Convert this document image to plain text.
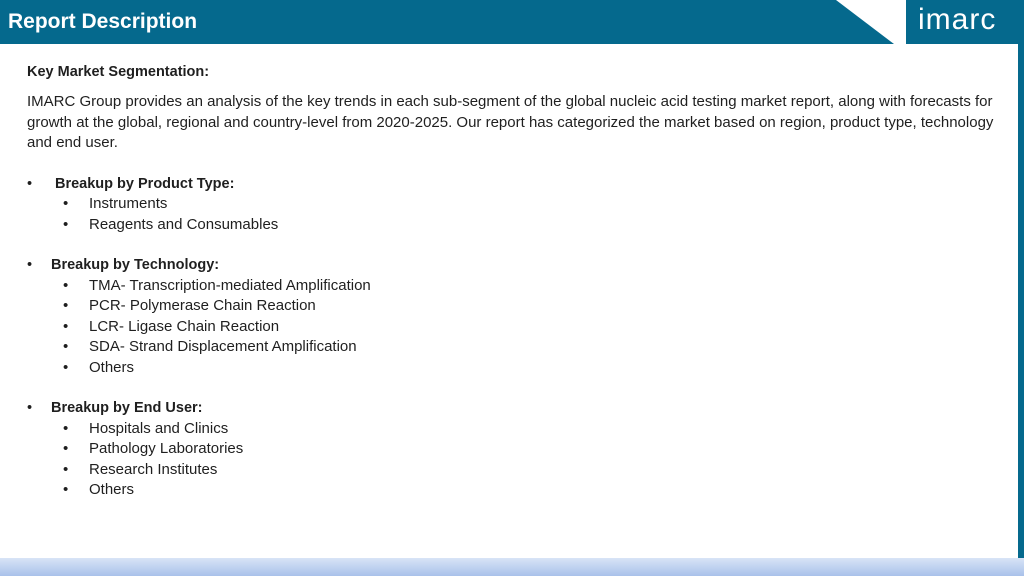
Report Description	imarc

Key Market Segmentation:

IMARC Group provides an analysis of the key trends in each sub-segment of the global nucleic acid testing market report, along with forecasts for growth at the global, regional and country-level from 2020-2025. Our report has categorized the market based on region, product type, technology and end user.

• Breakup by Product Type:
• Instruments
• Reagents and Consumables
• Breakup by Technology:
• TMA- Transcription-mediated Amplification
• PCR- Polymerase Chain Reaction
• LCR- Ligase Chain Reaction
• SDA- Strand Displacement Amplification
• Others
• Breakup by End User:
• Hospitals and Clinics
• Pathology Laboratories
• Research Institutes
• Others
